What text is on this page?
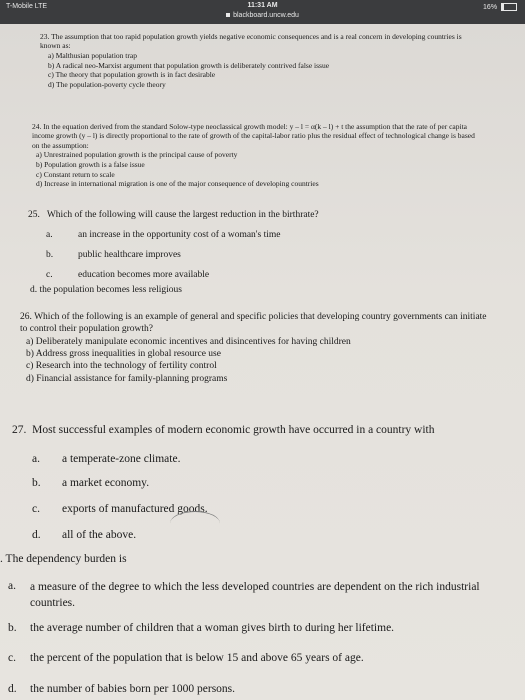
T-Mobile LTE	11:31 AM
blackboard.uncw.edu
16%
23. The assumption that too rapid population growth yields negative economic consequences and is a real concern in developing countries is known as:
a) Malthusian population trap
b) A radical neo-Marxist argument that population growth is deliberately contrived false issue
c) The theory that population growth is in fact desirable
d) The population-poverty cycle theory
24. In the equation derived from the standard Solow-type neoclassical growth model: y – l = α(k – l) + t the assumption that the rate of per capita income growth (y – l) is directly proportional to the rate of growth of the capital-labor ratio plus the residual effect of technological change is based on the assumption:
a) Unrestrained population growth is the principal cause of poverty
b) Population growth is a false issue
c) Constant return to scale
d) Increase in international migration is one of the major consequence of developing countries
25. Which of the following will cause the largest reduction in the birthrate?
a.	an increase in the opportunity cost of a woman's time
b.	public healthcare improves
c.	education becomes more available
d. the population becomes less religious
26. Which of the following is an example of general and specific policies that developing country governments can initiate to control their population growth?
a) Deliberately manipulate economic incentives and disincentives for having children
b) Address gross inequalities in global resource use
c) Research into the technology of fertility control
d) Financial assistance for family-planning programs
27. Most successful examples of modern economic growth have occurred in a country with
a. a temperate-zone climate.
b. a market economy.
c. exports of manufactured goods.
d. all of the above.
. The dependency burden is
a. a measure of the degree to which the less developed countries are dependent on the rich industrial countries.
b. the average number of children that a woman gives birth to during her lifetime.
c. the percent of the population that is below 15 and above 65 years of age.
d. the number of babies born per 1000 persons.
